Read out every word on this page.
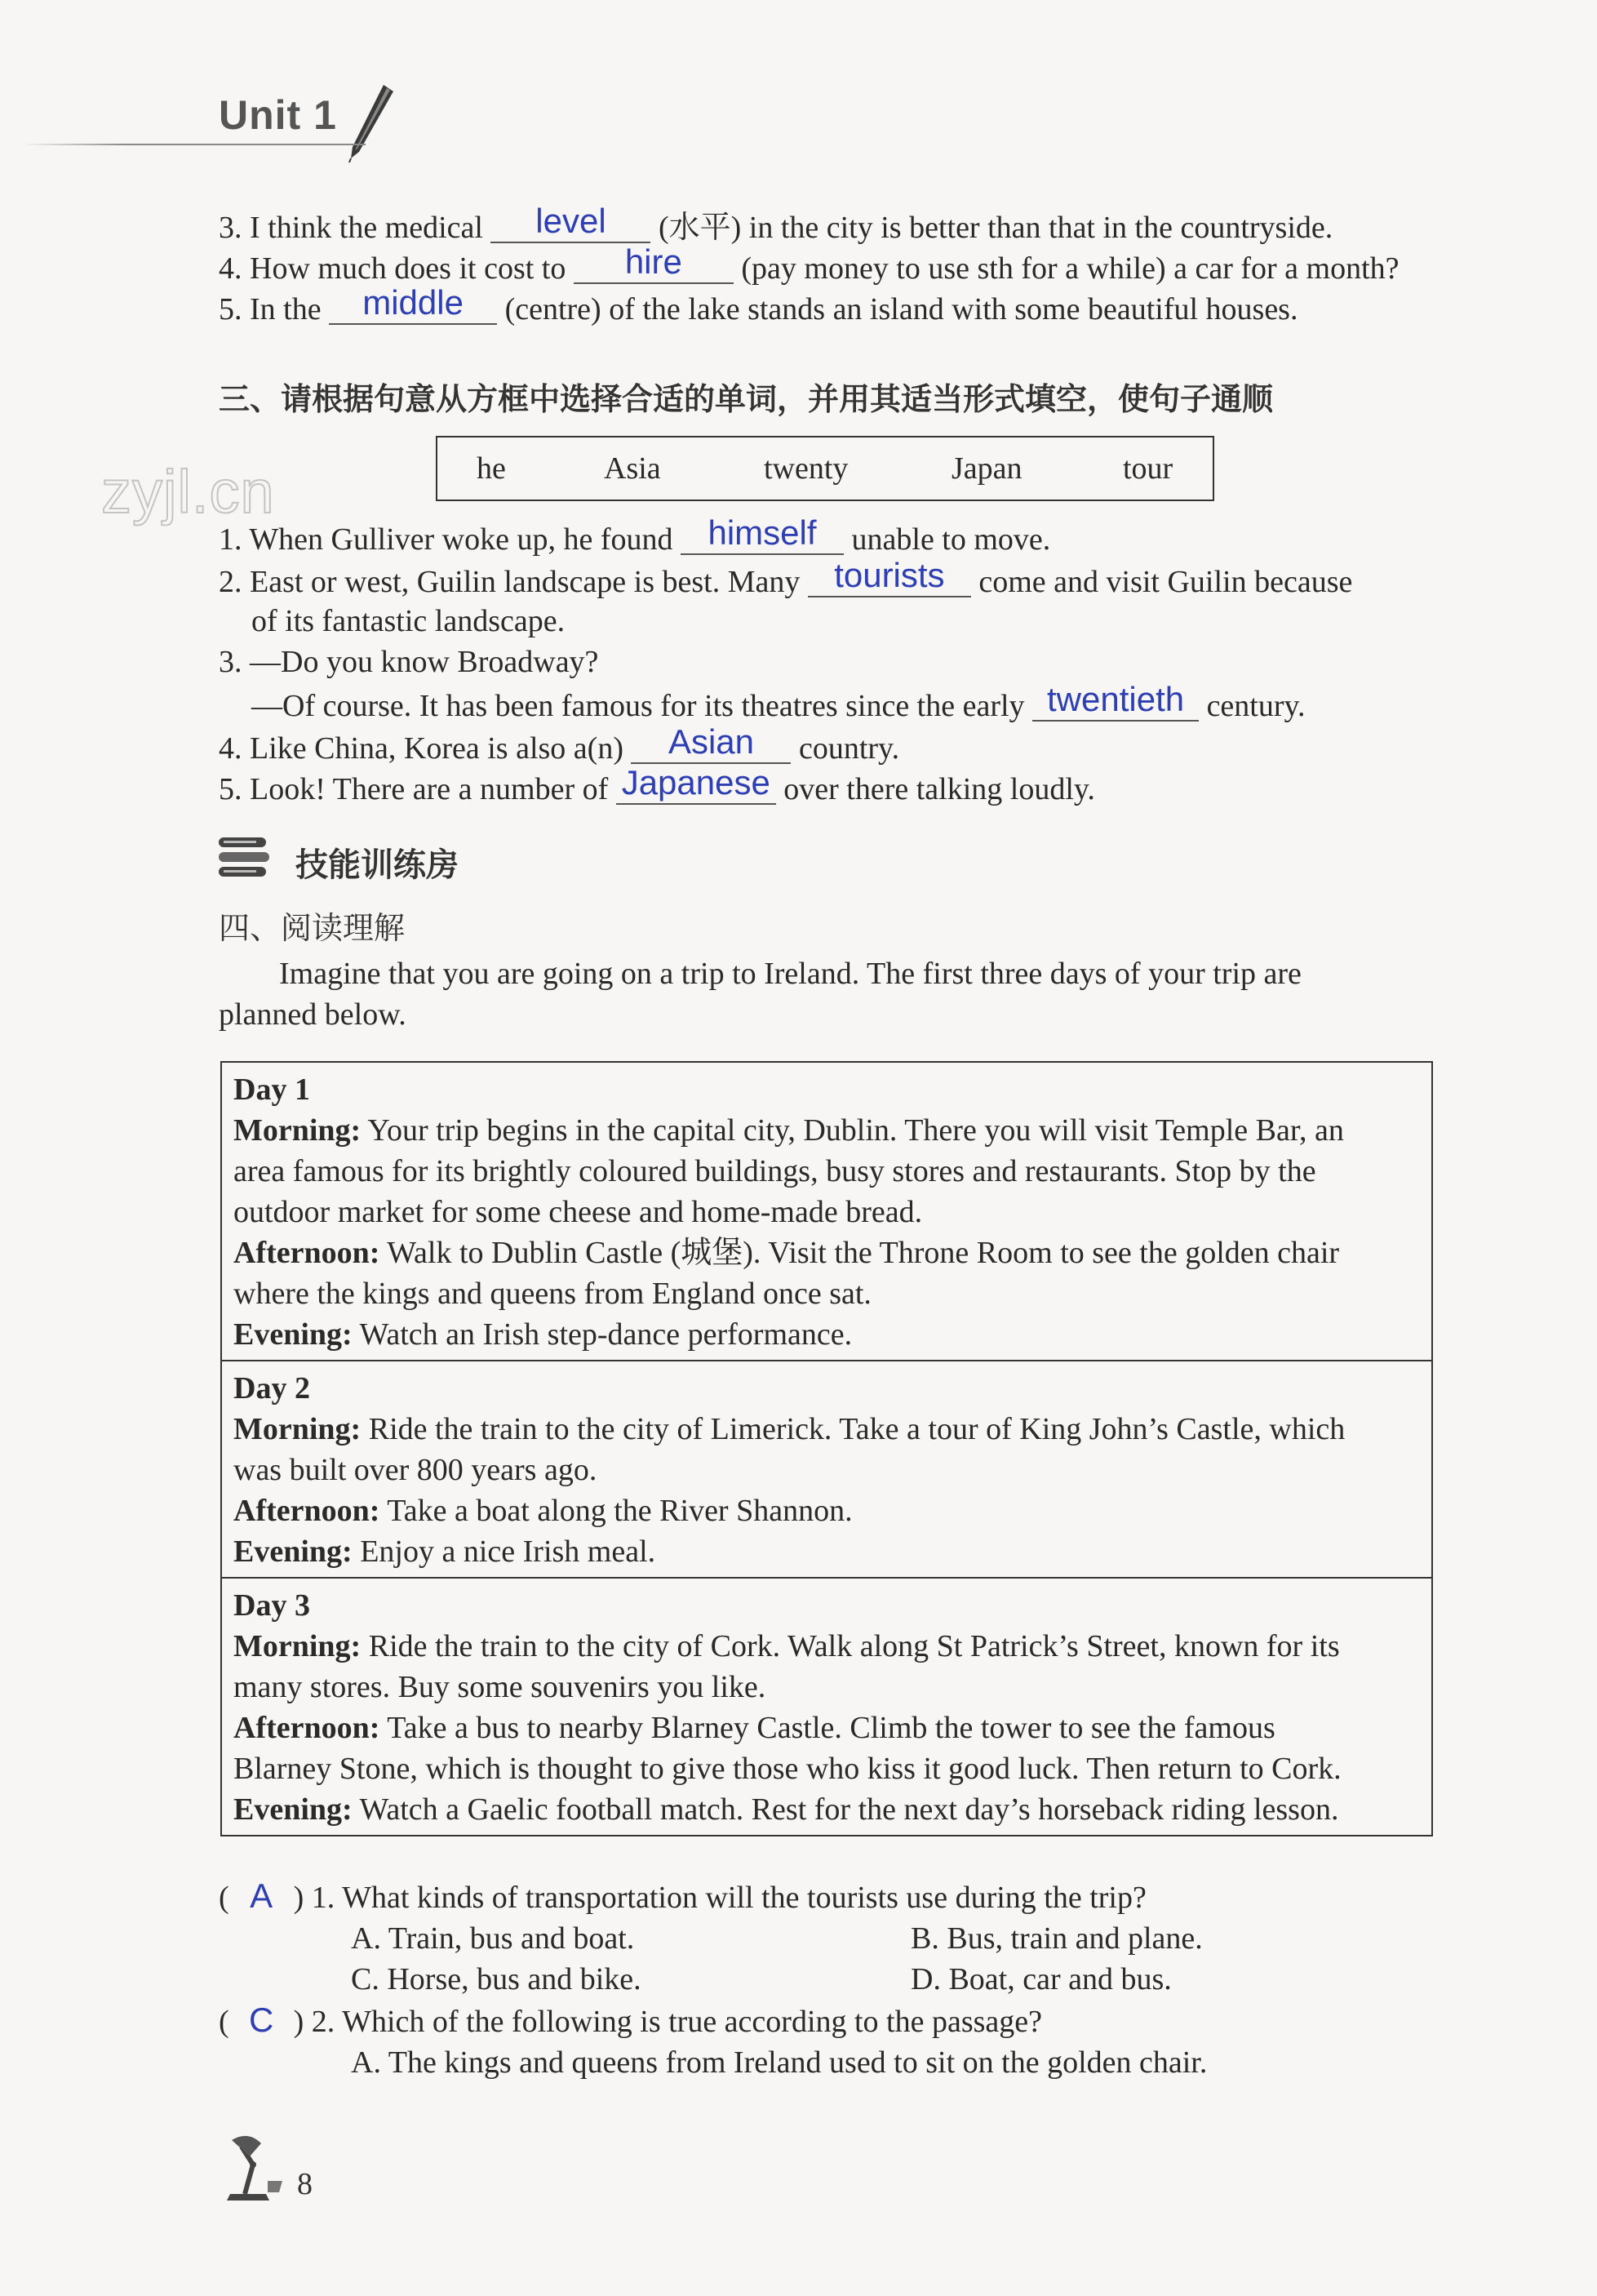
Unit 1
3. I think the medical level (水平) in the city is better than that in the countryside.
4. How much does it cost to hire (pay money to use sth for a while) a car for a month?
5. In the middle (centre) of the lake stands an island with some beautiful houses.
三、请根据句意从方框中选择合适的单词，并用其适当形式填空，使句子通顺
zyjl.cn	he	Asia	twenty	Japan	tour
1. When Gulliver woke up, he found himself unable to move.
2. East or west, Guilin landscape is best. Many tourists come and visit Guilin because
of its fantastic landscape.
3. —Do you know Broadway?
—Of course. It has been famous for its theatres since the early twentieth century.
4. Like China, Korea is also a(n) Asian country.
5. Look! There are a number of Japanese over there talking loudly.
技能训练房
四、阅读理解
Imagine that you are going on a trip to Ireland. The first three days of your trip are
planned below.

Day 1

Morning: Your trip begins in the capital city, Dublin. There you will visit Temple Bar, an

area famous for its brightly coloured buildings, busy stores and restaurants. Stop by the

outdoor market for some cheese and home-made bread.

Afternoon: Walk to Dublin Castle (城堡). Visit the Throne Room to see the golden chair

where the kings and queens from England once sat.

Evening: Watch an Irish step-dance performance.

Day 2

Morning: Ride the train to the city of Limerick. Take a tour of King John’s Castle, which

was built over 800 years ago.

Afternoon: Take a boat along the River Shannon.

Evening: Enjoy a nice Irish meal.

Day 3

Morning: Ride the train to the city of Cork. Walk along St Patrick’s Street, known for its

many stores. Buy some souvenirs you like.

Afternoon: Take a bus to nearby Blarney Castle. Climb the tower to see the famous

Blarney Stone, which is thought to give those who kiss it good luck. Then return to Cork.

Evening: Watch a Gaelic football match. Rest for the next day’s horseback riding lesson.

( A ) 1. What kinds of transportation will the tourists use during the trip?
A. Train, bus and boat.	B. Bus, train and plane.
C. Horse, bus and bike.	D. Boat, car and bus.
( C ) 2. Which of the following is true according to the passage?
A. The kings and queens from Ireland used to sit on the golden chair.
8
